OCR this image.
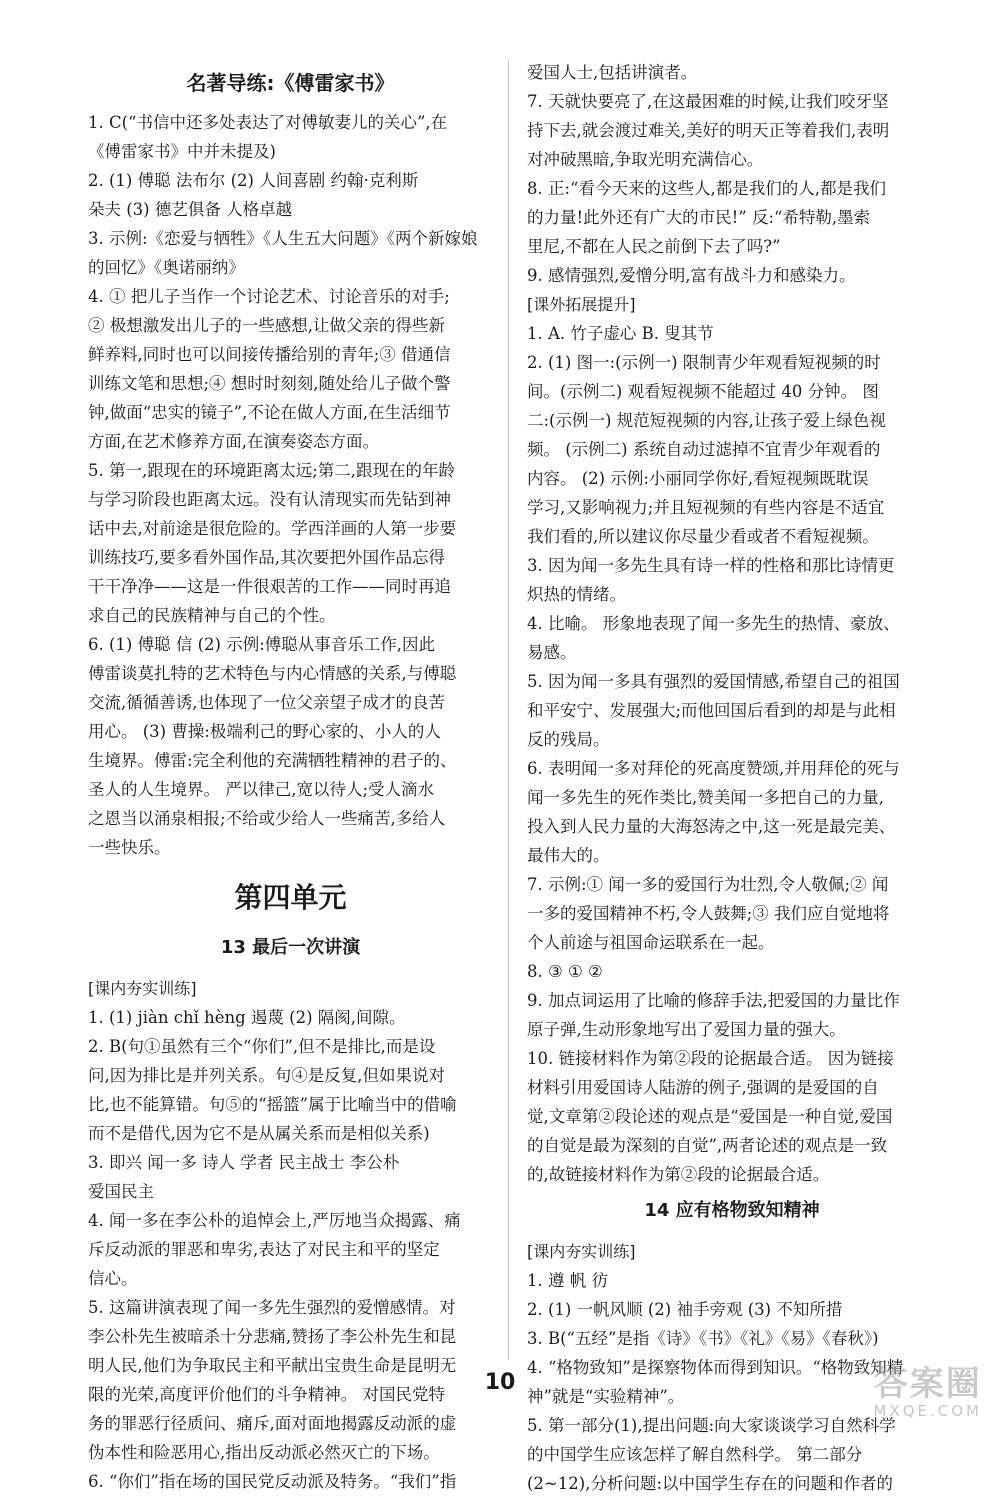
名著导练:《傅雷家书》
1. C(“书信中还多处表达了对傅敏妻儿的关心”,在
《傅雷家书》中并未提及)
2. (1) 傅聪 法布尔 (2) 人间喜剧 约翰·克利斯
朵夫 (3) 德艺俱备 人格卓越
3. 示例:《恋爱与牺牲》《人生五大问题》《两个新嫁娘
的回忆》《奥诺丽纳》
4. ① 把儿子当作一个讨论艺术、讨论音乐的对手;
② 极想激发出儿子的一些感想,让做父亲的得些新
鲜养料,同时也可以间接传播给别的青年;③ 借通信
训练文笔和思想;④ 想时时刻刻,随处给儿子做个警
钟,做面“忠实的镜子”,不论在做人方面,在生活细节
方面,在艺术修养方面,在演奏姿态方面。
5. 第一,跟现在的环境距离太远;第二,跟现在的年龄
与学习阶段也距离太远。没有认清现实而先钻到神
话中去,对前途是很危险的。学西洋画的人第一步要
训练技巧,要多看外国作品,其次要把外国作品忘得
干干净净——这是一件很艰苦的工作——同时再追
求自己的民族精神与自己的个性。
6. (1) 傅聪 信 (2) 示例:傅聪从事音乐工作,因此
傅雷谈莫扎特的艺术特色与内心情感的关系,与傅聪
交流,循循善诱,也体现了一位父亲望子成才的良苦
用心。 (3) 曹操:极端利己的野心家的、小人的人
生境界。傅雷:完全利他的充满牺牲精神的君子的、
圣人的人生境界。 严以律己,宽以待人;受人滴水
之恩当以涌泉相报;不给或少给人一些痛苦,多给人
一些快乐。
第四单元
13 最后一次讲演
[课内夯实训练]
1. (1) jiàn chǐ hèng 遏蔑 (2) 隔阂,间隙。
2. B(句①虽然有三个“你们”,但不是排比,而是设
问,因为排比是并列关系。句④是反复,但如果说对
比,也不能算错。句⑤的“摇篮”属于比喻当中的借喻
而不是借代,因为它不是从属关系而是相似关系)
3. 即兴 闻一多 诗人 学者 民主战士 李公朴
爱国民主
4. 闻一多在李公朴的追悼会上,严厉地当众揭露、痛
斥反动派的罪恶和卑劣,表达了对民主和平的坚定
信心。
5. 这篇讲演表现了闻一多先生强烈的爱憎感情。对
李公朴先生被暗杀十分悲痛,赞扬了李公朴先生和昆
明人民,他们为争取民主和平献出宝贵生命是昆明无
限的光荣,高度评价他们的斗争精神。 对国民党特
务的罪恶行径质问、痛斥,面对面地揭露反动派的虚
伪本性和险恶用心,指出反动派必然灭亡的下场。
6. “你们”指在场的国民党反动派及特务。“我们”指
爱国人士,包括讲演者。
7. 天就快要亮了,在这最困难的时候,让我们咬牙坚
持下去,就会渡过难关,美好的明天正等着我们,表明
对冲破黑暗,争取光明充满信心。
8. 正:“看今天来的这些人,都是我们的人,都是我们
的力量!此外还有广大的市民!” 反:“希特勒,墨索
里尼,不都在人民之前倒下去了吗?”
9. 感情强烈,爱憎分明,富有战斗力和感染力。
[课外拓展提升]
1. A. 竹子虚心 B. 叟其节
2. (1) 图一:(示例一) 限制青少年观看短视频的时
间。(示例二) 观看短视频不能超过 40 分钟。 图
二:(示例一) 规范短视频的内容,让孩子爱上绿色视
频。 (示例二) 系统自动过滤掉不宜青少年观看的
内容。 (2) 示例:小丽同学你好,看短视频既耽误
学习,又影响视力;并且短视频的有些内容是不适宜
我们看的,所以建议你尽量少看或者不看短视频。
3. 因为闻一多先生具有诗一样的性格和那比诗情更
炽热的情绪。
4. 比喻。 形象地表现了闻一多先生的热情、豪放、
易感。
5. 因为闻一多具有强烈的爱国情感,希望自己的祖国
和平安宁、发展强大;而他回国后看到的却是与此相
反的残局。
6. 表明闻一多对拜伦的死高度赞颂,并用拜伦的死与
闻一多先生的死作类比,赞美闻一多把自己的力量,
投入到人民力量的大海怒涛之中,这一死是最完美、
最伟大的。
7. 示例:① 闻一多的爱国行为壮烈,令人敬佩;② 闻
一多的爱国精神不朽,令人鼓舞;③ 我们应自觉地将
个人前途与祖国命运联系在一起。
8. ③ ① ②
9. 加点词运用了比喻的修辞手法,把爱国的力量比作
原子弹,生动形象地写出了爱国力量的强大。
10. 链接材料作为第②段的论据最合适。 因为链接
材料引用爱国诗人陆游的例子,强调的是爱国的自
觉,文章第②段论述的观点是“爱国是一种自觉,爱国
的自觉是最为深刻的自觉”,两者论述的观点是一致
的,故链接材料作为第②段的论据最合适。
14 应有格物致知精神
[课内夯实训练]
1. 遵 帆 彷
2. (1) 一帆风顺 (2) 袖手旁观 (3) 不知所措
3. B(“五经”是指《诗》《书》《礼》《易》《春秋》)
4. “格物致知”是探察物体而得到知识。“格物致知精
神”就是“实验精神”。
5. 第一部分(1),提出问题:向大家谈谈学习自然科学
的中国学生应该怎样了解自然科学。 第二部分
(2~12),分析问题:以中国学生存在的问题和作者的
10	答案圈
MXQE.COM
